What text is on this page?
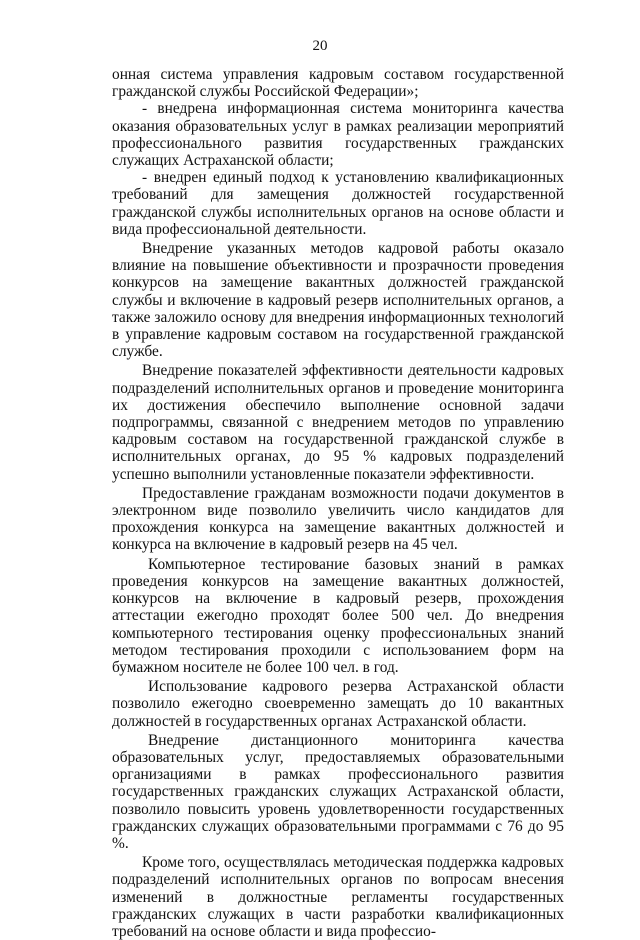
20

онная система управления кадровым составом государственной гражданской службы Российской Федерации»;

- внедрена информационная система мониторинга качества оказания образовательных услуг в рамках реализации мероприятий профессионального развития государственных гражданских служащих Астраханской области;

- внедрен единый подход к установлению квалификационных требований для замещения должностей государственной гражданской службы исполнительных органов на основе области и вида профессиональной деятельности.

Внедрение указанных методов кадровой работы оказало влияние на повышение объективности и прозрачности проведения конкурсов на замещение вакантных должностей гражданской службы и включение в кадровый резерв исполнительных органов, а также заложило основу для внедрения информационных технологий в управление кадровым составом на государственной гражданской службе.

Внедрение показателей эффективности деятельности кадровых подразделений исполнительных органов и проведение мониторинга их достижения обеспечило выполнение основной задачи подпрограммы, связанной с внедрением методов по управлению кадровым составом на государственной гражданской службе в исполнительных органах, до 95 % кадровых подразделений успешно выполнили установленные показатели эффективности.

Предоставление гражданам возможности подачи документов в электронном виде позволило увеличить число кандидатов для прохождения конкурса на замещение вакантных должностей и конкурса на включение в кадровый резерв на 45 чел.

Компьютерное тестирование базовых знаний в рамках проведения конкурсов на замещение вакантных должностей, конкурсов на включение в кадровый резерв, прохождения аттестации ежегодно проходят более 500 чел. До внедрения компьютерного тестирования оценку профессиональных знаний методом тестирования проходили с использованием форм на бумажном носителе не более 100 чел. в год.

Использование кадрового резерва Астраханской области позволило ежегодно своевременно замещать до 10 вакантных должностей в государственных органах Астраханской области.

Внедрение дистанционного мониторинга качества образовательных услуг, предоставляемых образовательными организациями в рамках профессионального развития государственных гражданских служащих Астраханской области, позволило повысить уровень удовлетворенности государственных гражданских служащих образовательными программами с 76 до 95 %.

Кроме того, осуществлялась методическая поддержка кадровых подразделений исполнительных органов по вопросам внесения изменений в должностные регламенты государственных гражданских служащих в части разработки квалификационных требований на основе области и вида профессио-
